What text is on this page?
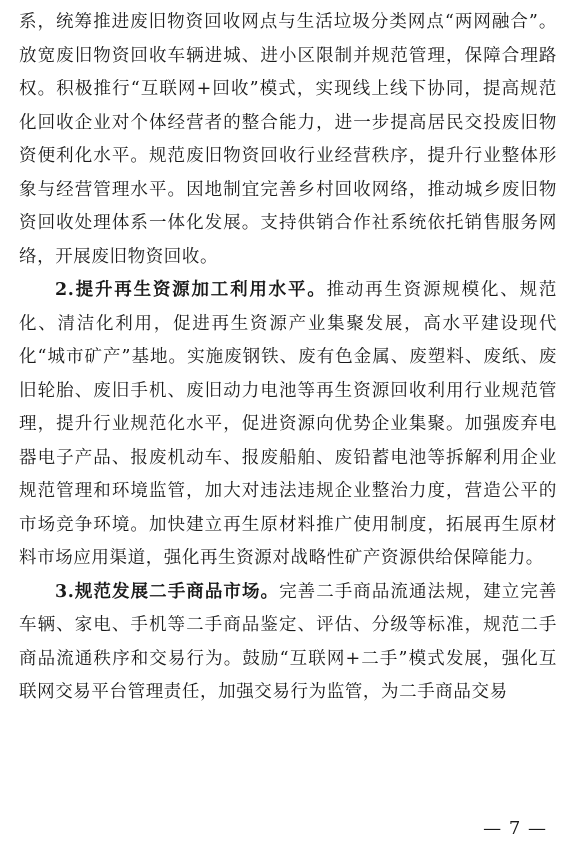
系，统筹推进废旧物资回收网点与生活垃圾分类网点“两网融合”。放宽废旧物资回收车辆进城、进小区限制并规范管理，保障合理路权。积极推行“互联网+回收”模式，实现线上线下协同，提高规范化回收企业对个体经营者的整合能力，进一步提高居民交投废旧物资便利化水平。规范废旧物资回收行业经营秩序，提升行业整体形象与经营管理水平。因地制宜完善乡村回收网络，推动城乡废旧物资回收处理体系一体化发展。支持供销合作社系统依托销售服务网络，开展废旧物资回收。

2.提升再生资源加工利用水平。推动再生资源规模化、规范化、清洁化利用，促进再生资源产业集聚发展，高水平建设现代化“城市矿产”基地。实施废钢铁、废有色金属、废塑料、废纸、废旧轮胎、废旧手机、废旧动力电池等再生资源回收利用行业规范管理，提升行业规范化水平，促进资源向优势企业集聚。加强废弃电器电子产品、报废机动车、报废船舶、废铅蓄电池等拆解利用企业规范管理和环境监管，加大对违法违规企业整治力度，营造公平的市场竞争环境。加快建立再生原材料推广使用制度，拓展再生原材料市场应用渠道，强化再生资源对战略性矿产资源供给保障能力。

3.规范发展二手商品市场。完善二手商品流通法规，建立完善车辆、家电、手机等二手商品鉴定、评估、分级等标准，规范二手商品流通秩序和交易行为。鼓励“互联网+二手”模式发展，强化互联网交易平台管理责任，加强交易行为监管，为二手商品交易

— 7 —
